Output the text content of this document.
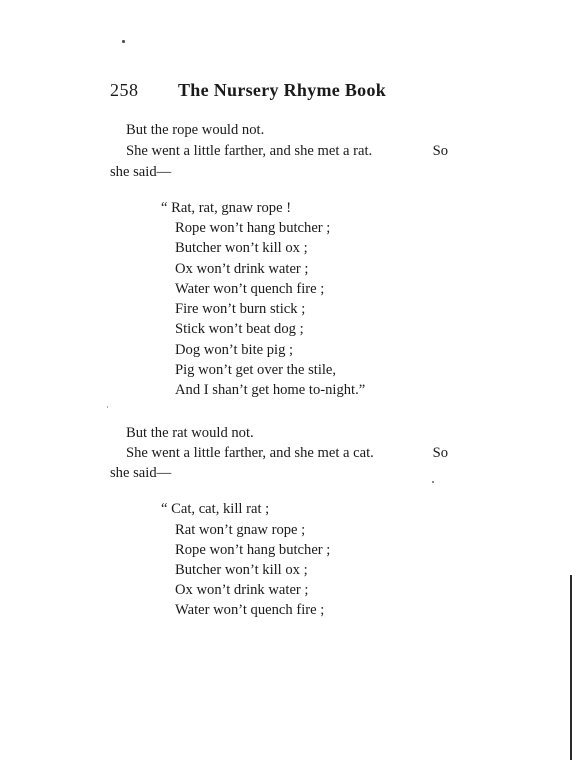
258 The Nursery Rhyme Book
But the rope would not.
She went a little farther, and she met a rat.	So
she said—
“ Rat, rat, gnaw rope !
Rope won’t hang butcher ;
Butcher won’t kill ox ;
Ox won’t drink water ;
Water won’t quench fire ;
Fire won’t burn stick ;
Stick won’t beat dog ;
Dog won’t bite pig ;
Pig won’t get over the stile,
And I shan’t get home to-night.”
But the rat would not.
She went a little farther, and she met a cat.	So
she said—
“ Cat, cat, kill rat ;
Rat won’t gnaw rope ;
Rope won’t hang butcher ;
Butcher won’t kill ox ;
Ox won’t drink water ;
Water won’t quench fire ;
